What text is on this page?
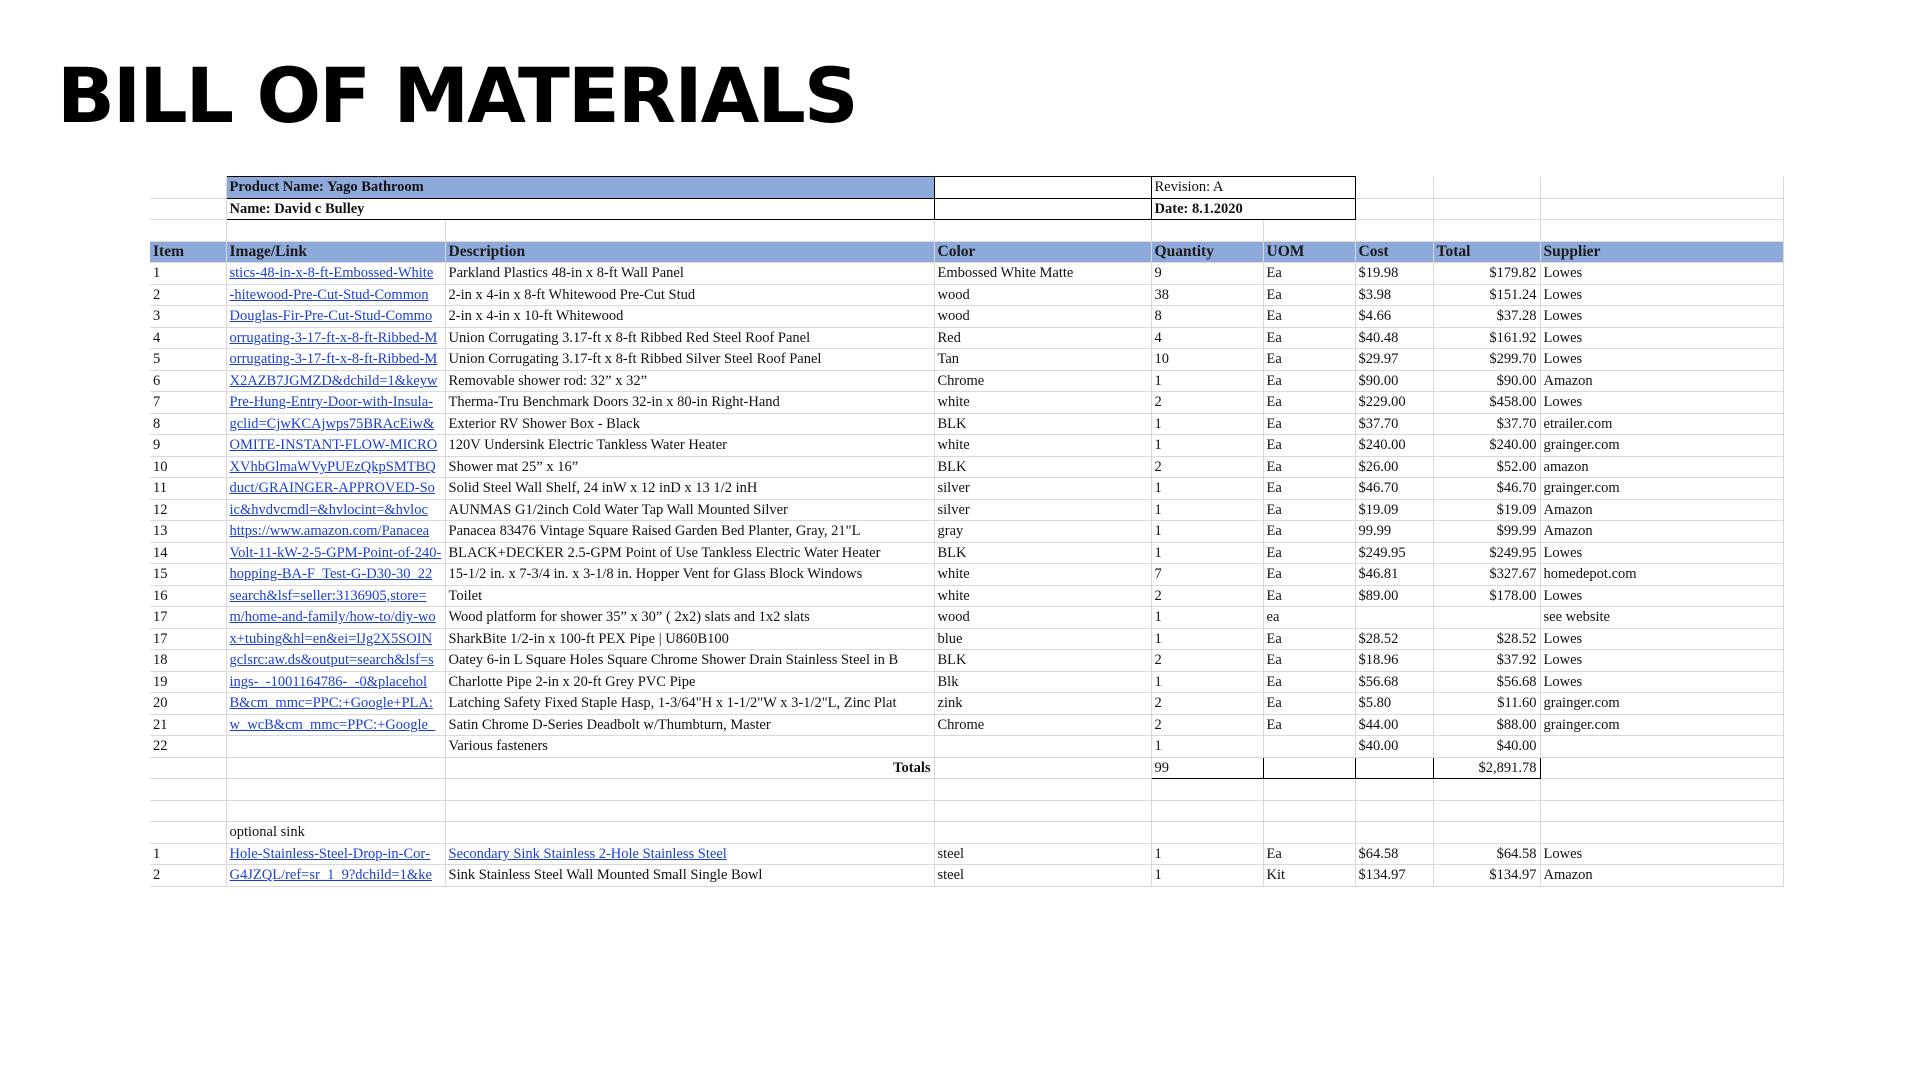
BILL OF MATERIALS
	Product Name: Yago Bathroom			Revision: A				
	Name: David c Bulley			Date: 8.1.2020				

Item	Image/Link	Description	Color	Quantity	UOM	Cost	Total	Supplier
1	stics-48-in-x-8-ft-Embossed-White	Parkland Plastics 48-in x 8-ft Wall Panel	Embossed White Matte	9	Ea	$19.98	$179.82	Lowes
2	hitewood-Pre-Cut-Stud-Common-	2-in x 4-in x 8-ft Whitewood Pre-Cut Stud	wood	38	Ea	$3.98	$151.24	Lowes
3	Douglas-Fir-Pre-Cut-Stud-Commo	2-in x 4-in x 10-ft Whitewood	wood	8	Ea	$4.66	$37.28	Lowes
4	orrugating-3-17-ft-x-8-ft-Ribbed-M	Union Corrugating 3.17-ft x 8-ft Ribbed Red Steel Roof Panel	Red	4	Ea	$40.48	$161.92	Lowes
5	orrugating-3-17-ft-x-8-ft-Ribbed-M	Union Corrugating 3.17-ft x 8-ft Ribbed Silver Steel Roof Panel	Tan	10	Ea	$29.97	$299.70	Lowes
6	X2AZB7JGMZD&dchild=1&keyw	Removable shower rod: 32” x 32”	Chrome	1	Ea	$90.00	$90.00	Amazon
7	-Pre-Hung-Entry-Door-with-Insula	Therma-Tru Benchmark Doors 32-in x 80-in Right-Hand	white	2	Ea	$229.00	$458.00	Lowes
8	&gclid=CjwKCAjwps75BRAcEiw	Exterior RV Shower Box - Black	BLK	1	Ea	$37.70	$37.70	etrailer.com
9	OMITE-INSTANT-FLOW-MICRO	120V Undersink Electric Tankless Water Heater	white	1	Ea	$240.00	$240.00	grainger.com
10	XVhbGlmaWVyPUEzQkpSMTBQ	Shower mat 25” x 16”	BLK	2	Ea	$26.00	$52.00	amazon
11	duct/GRAINGER-APPROVED-So	Solid Steel Wall Shelf, 24 inW x 12 inD x 13 1/2 inH	silver	1	Ea	$46.70	$46.70	grainger.com
12	ic&hvdvcmdl=&hvlocint=&hvloc	AUNMAS G1/2inch Cold Water Tap Wall Mounted Silver	silver	1	Ea	$19.09	$19.09	Amazon
13	https://www.amazon.com/Panacea	Panacea 83476 Vintage Square Raised Garden Bed Planter, Gray, 21"L	gray	1	Ea	99.99	$99.99	Amazon
14	-240-Volt-11-kW-2-5-GPM-Point-of	BLACK+DECKER 2.5-GPM Point of Use Tankless Electric Water Heater	BLK	1	Ea	$249.95	$249.95	Lowes
15	hopping-BA-F_Test-G-D30-30_22	15-1/2 in. x 7-3/4 in. x 3-1/8 in. Hopper Vent for Glass Block Windows	white	7	Ea	$46.81	$327.67	homedepot.com
16	=search&lsf=seller:3136905,store	Toilet	white	2	Ea	$89.00	$178.00	Lowes
17	m/home-and-family/how-to/diy-wo	Wood platform for shower 35” x 30” ( 2x2) slats and 1x2 slats	wood	1	ea			see website
17	x+tubing&hl=en&ei=lJg2X5SOIN	SharkBite 1/2-in x 100-ft PEX Pipe | U860B100	blue	1	Ea	$28.52	$28.52	Lowes
18	gclsrc:aw.ds&output=search&lsf=s	Oatey 6-in L Square Holes Square Chrome Shower Drain Stainless Steel in B	BLK	2	Ea	$18.96	$37.92	Lowes
19	ings-_-1001164786-_-0&placehol	Charlotte Pipe 2-in x 20-ft Grey PVC Pipe	Blk	1	Ea	$56.68	$56.68	Lowes
20	:B&cm_mmc=PPC:+Google+PLA	Latching Safety Fixed Staple Hasp, 1-3/64"H x 1-1/2"W x 3-1/2"L, Zinc Plat	zink	2	Ea	$5.80	$11.60	grainger.com
21	_w_wcB&cm_mmc=PPC:+Google	Satin Chrome D-Series Deadbolt w/Thumbturn, Master	Chrome	2	Ea	$44.00	$88.00	grainger.com
22		Various fasteners		1		$40.00	$40.00	
		Totals		99			$2,891.78	

	optional sink							
1	-Hole-Stainless-Steel-Drop-in-Cor	Secondary Sink Stainless 2-Hole Stainless Steel	steel	1	Ea	$64.58	$64.58	Lowes
2	G4JZQL/ref=sr_1_9?dchild=1&ke	Sink Stainless Steel Wall Mounted Small Single Bowl	steel	1	Kit	$134.97	$134.97	Amazon
